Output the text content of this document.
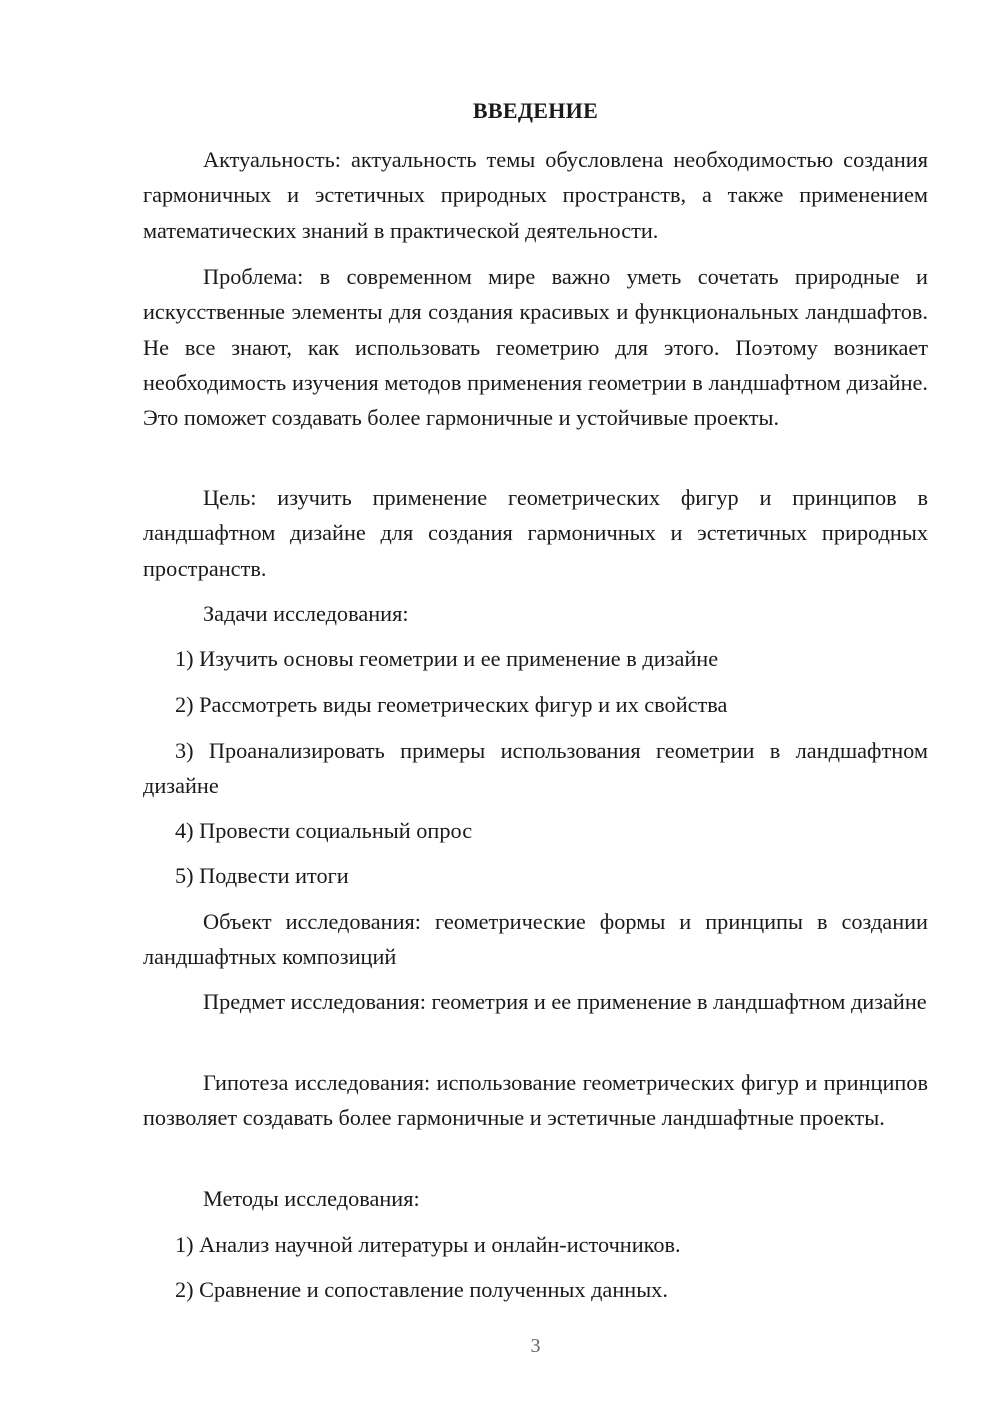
ВВЕДЕНИЕ

Актуальность: актуальность темы обусловлена необходимостью создания гармоничных и эстетичных природных пространств, а также применением математических знаний в практической деятельности.

Проблема: в современном мире важно уметь сочетать природные и искусственные элементы для создания красивых и функциональных ландшафтов. Не все знают, как использовать геометрию для этого. Поэтому возникает необходимость изучения методов применения геометрии в ландшафтном дизайне. Это поможет создавать более гармоничные и устойчивые проекты.

Цель: изучить применение геометрических фигур и принципов в ландшафтном дизайне для создания гармоничных и эстетичных природных пространств.

Задачи исследования:

1) Изучить основы геометрии и ее применение в дизайне

2) Рассмотреть виды геометрических фигур и их свойства

3) Проанализировать примеры использования геометрии в ландшафтном дизайне

4) Провести социальный опрос

5) Подвести итоги

Объект исследования: геометрические формы и принципы в создании ландшафтных композиций

Предмет исследования: геометрия и ее применение в ландшафтном дизайне

Гипотеза исследования: использование геометрических фигур и принципов позволяет создавать более гармоничные и эстетичные ландшафтные проекты.

Методы исследования:

1) Анализ научной литературы и онлайн-источников.

2) Сравнение и сопоставление полученных данных.

3
